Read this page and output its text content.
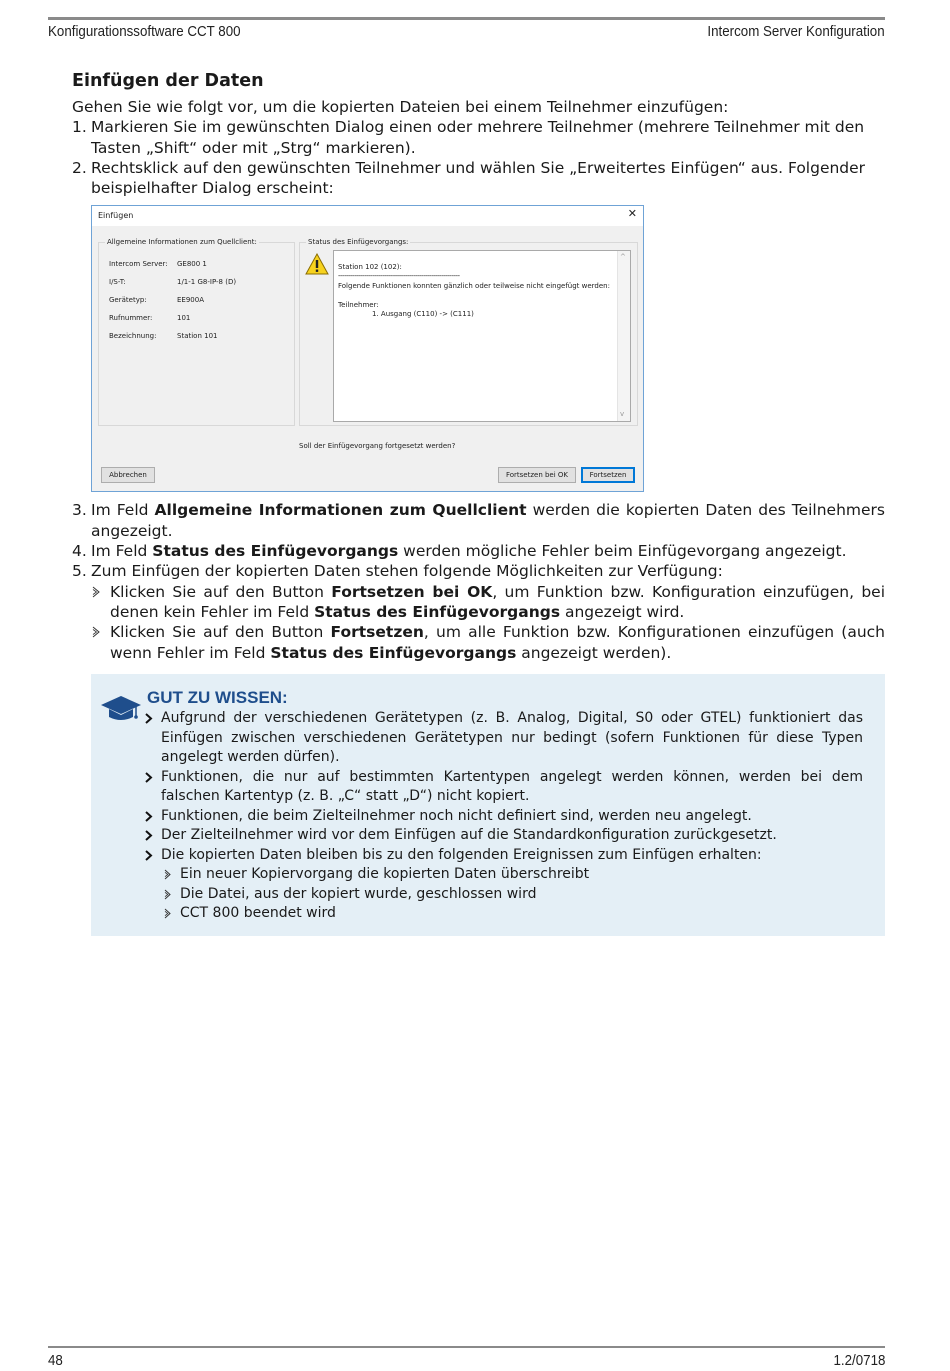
Konfigurationssoftware CCT 800	Intercom Server Konfiguration
Einfügen der Daten

Gehen Sie wie folgt vor, um die kopierten Dateien bei einem Teilnehmer einzufügen:

1. Markieren Sie im gewünschten Dialog einen oder mehrere Teilnehmer (mehrere Teilnehmer mit den Tasten „Shift“ oder mit „Strg“ markieren).
2. Rechtsklick auf den gewünschten Teilnehmer und wählen Sie „Erweitertes Einfügen“ aus. Folgender beispielhafter Dialog erscheint:
Einfügen	✕
Allgemeine Informationen zum Quellclient:
Intercom Server: GE800 1
I/S-T:	1/1-1 G8-IP-8 (D)
Gerätetyp:	EE900A
Rufnummer:	101
Bezeichnung:	Station 101
Status des Einfügevorgangs:
Station 102 (102):
------------------------------------------------------------
Folgende Funktionen konnten gänzlich oder teilweise nicht eingefügt werden:
Teilnehmer:
1. Ausgang (C110) -> (C111)
^
v
Soll der Einfügevorgang fortgesetzt werden?
Abbrechen	Fortsetzen bei OK	Fortsetzen
3. Im Feld Allgemeine Informationen zum Quellclient werden die kopierten Daten des Teilnehmers angezeigt.
4. Im Feld Status des Einfügevorgangs werden mögliche Fehler beim Einfügevorgang angezeigt.
5. Zum Einfügen der kopierten Daten stehen folgende Möglichkeiten zur Verfügung:
Klicken Sie auf den Button Fortsetzen bei OK, um Funktion bzw. Konfiguration einzufügen, bei denen kein Fehler im Feld Status des Einfügevorgangs angezeigt wird.
Klicken Sie auf den Button Fortsetzen, um alle Funktion bzw. Konfigurationen einzufügen (auch wenn Fehler im Feld Status des Einfügevorgangs angezeigt werden).
GUT ZU WISSEN:
Aufgrund der verschiedenen Gerätetypen (z. B. Analog, Digital, S0 oder GTEL) funktioniert das Einfügen zwischen verschiedenen Gerätetypen nur bedingt (sofern Funktionen für diese Typen angelegt werden dürfen).
Funktionen, die nur auf bestimmten Kartentypen angelegt werden können, werden bei dem falschen Kartentyp (z. B. „C“ statt „D“) nicht kopiert.
Funktionen, die beim Zielteilnehmer noch nicht definiert sind, werden neu angelegt.
Der Zielteilnehmer wird vor dem Einfügen auf die Standardkonfiguration zurückgesetzt.
Die kopierten Daten bleiben bis zu den folgenden Ereignissen zum Einfügen erhalten:
Ein neuer Kopiervorgang die kopierten Daten überschreibt
Die Datei, aus der kopiert wurde, geschlossen wird
CCT 800 beendet wird
48	1.2/0718
